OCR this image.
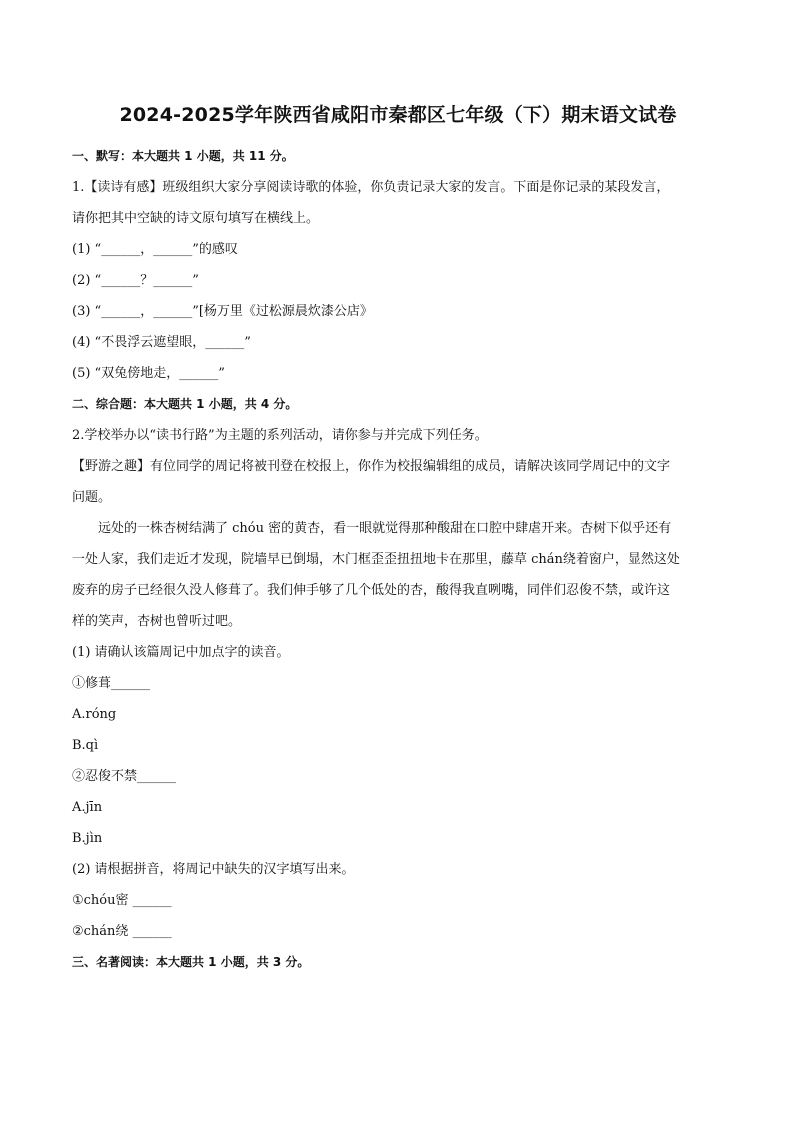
2024-2025学年陕西省咸阳市秦都区七年级（下）期末语文试卷
一、默写：本大题共 1 小题，共 11 分。
1.【读诗有感】班级组织大家分享阅读诗歌的体验，你负责记录大家的发言。下面是你记录的某段发言，
请你把其中空缺的诗文原句填写在横线上。
(1) “______，______”的感叹
(2) “______？______”
(3) “______，______”[杨万里《过松源晨炊漆公店》
(4) “不畏浮云遮望眼，______”
(5) “双兔傍地走，______”
二、综合题：本大题共 1 小题，共 4 分。
2.学校举办以“读书行路”为主题的系列活动，请你参与并完成下列任务。
【野游之趣】有位同学的周记将被刊登在校报上，你作为校报编辑组的成员，请解决该同学周记中的文字
问题。
远处的一株杏树结满了 chóu 密的黄杏，看一眼就觉得那种酸甜在口腔中肆虐开来。杏树下似乎还有
一处人家，我们走近才发现，院墙早已倒塌，木门框歪歪扭扭地卡在那里，藤草 chán绕着窗户，显然这处
废弃的房子已经很久没人修葺了。我们伸手够了几个低处的杏，酸得我直咧嘴，同伴们忍俊不禁，或许这
样的笑声，杏树也曾听过吧。
(1) 请确认该篇周记中加点字的读音。
①修葺______
A.róng
B.qì
②忍俊不禁______
A.jīn
B.jìn
(2) 请根据拼音，将周记中缺失的汉字填写出来。
①chóu密 ______
②chán绕 ______
三、名著阅读：本大题共 1 小题，共 3 分。
